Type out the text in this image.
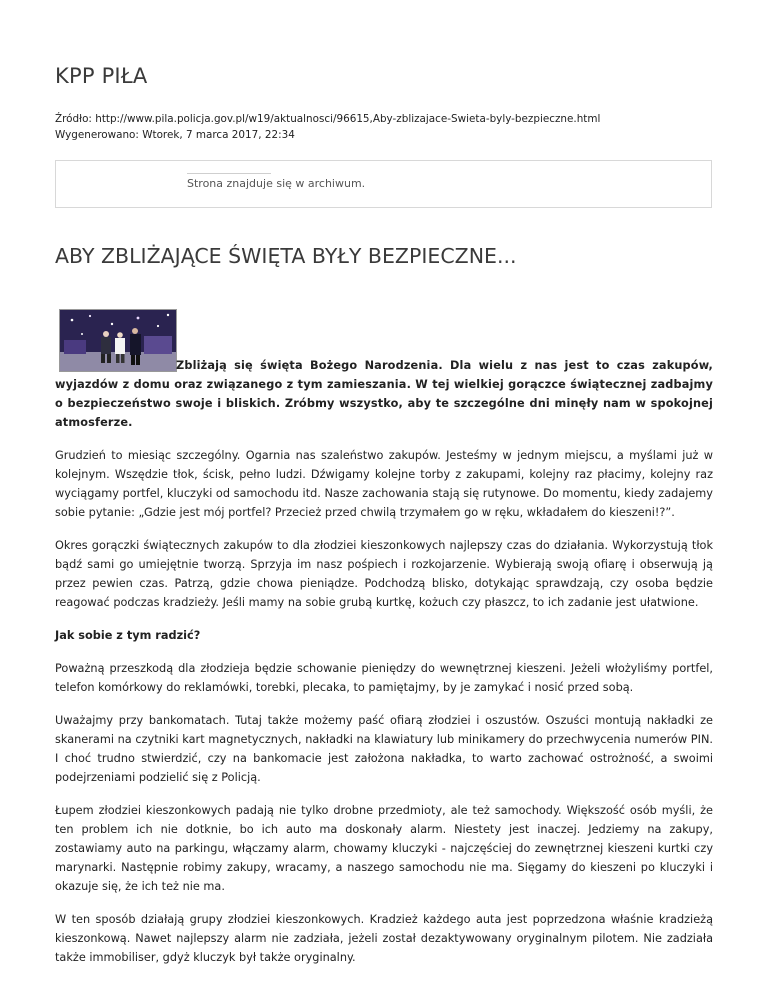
KPP PIŁA
Źródło: http://www.pila.policja.gov.pl/w19/aktualnosci/96615,Aby-zblizajace-Swieta-byly-bezpieczne.html
Wygenerowano: Wtorek, 7 marca 2017, 22:34
Strona znajduje się w archiwum.
ABY ZBLIŻAJĄCE ŚWIĘTA BYŁY BEZPIECZNE...

Zbliżają się święta Bożego Narodzenia. Dla wielu z nas jest to czas zakupów, wyjazdów z domu oraz związanego z tym zamieszania. W tej wielkiej gorączce świątecznej zadbajmy o bezpieczeństwo swoje i bliskich. Zróbmy wszystko, aby te szczególne dni minęły nam w spokojnej atmosferze.

Grudzień to miesiąc szczególny. Ogarnia nas szaleństwo zakupów. Jesteśmy w jednym miejscu, a myślami już w kolejnym. Wszędzie tłok, ścisk, pełno ludzi. Dźwigamy kolejne torby z zakupami, kolejny raz płacimy, kolejny raz wyciągamy portfel, kluczyki od samochodu itd. Nasze zachowania stają się rutynowe. Do momentu, kiedy zadajemy sobie pytanie: „Gdzie jest mój portfel? Przecież przed chwilą trzymałem go w ręku, wkładałem do kieszeni!?”.

Okres gorączki świątecznych zakupów to dla złodziei kieszonkowych najlepszy czas do działania. Wykorzystują tłok bądź sami go umiejętnie tworzą. Sprzyja im nasz pośpiech i rozkojarzenie. Wybierają swoją ofiarę i obserwują ją przez pewien czas. Patrzą, gdzie chowa pieniądze. Podchodzą blisko, dotykając sprawdzają, czy osoba będzie reagować podczas kradzieży. Jeśli mamy na sobie grubą kurtkę, kożuch czy płaszcz, to ich zadanie jest ułatwione.

Jak sobie z tym radzić?

Poważną przeszkodą dla złodzieja będzie schowanie pieniędzy do wewnętrznej kieszeni. Jeżeli włożyliśmy portfel, telefon komórkowy do reklamówki, torebki, plecaka, to pamiętajmy, by je zamykać i nosić przed sobą.

Uważajmy przy bankomatach. Tutaj także możemy paść ofiarą złodziei i oszustów. Oszuści montują nakładki ze skanerami na czytniki kart magnetycznych, nakładki na klawiatury lub minikamery do przechwycenia numerów PIN. I choć trudno stwierdzić, czy na bankomacie jest założona nakładka, to warto zachować ostrożność, a swoimi podejrzeniami podzielić się z Policją.

Łupem złodziei kieszonkowych padają nie tylko drobne przedmioty, ale też samochody. Większość osób myśli, że ten problem ich nie dotknie, bo ich auto ma doskonały alarm. Niestety jest inaczej. Jedziemy na zakupy, zostawiamy auto na parkingu, włączamy alarm, chowamy kluczyki - najczęściej do zewnętrznej kieszeni kurtki czy marynarki. Następnie robimy zakupy, wracamy, a naszego samochodu nie ma. Sięgamy do kieszeni po kluczyki i okazuje się, że ich też nie ma.

W ten sposób działają grupy złodziei kieszonkowych. Kradzież każdego auta jest poprzedzona właśnie kradzieżą kieszonkową. Nawet najlepszy alarm nie zadziała, jeżeli został dezaktywowany oryginalnym pilotem. Nie zadziała także immobiliser, gdyż kluczyk był także oryginalny.
